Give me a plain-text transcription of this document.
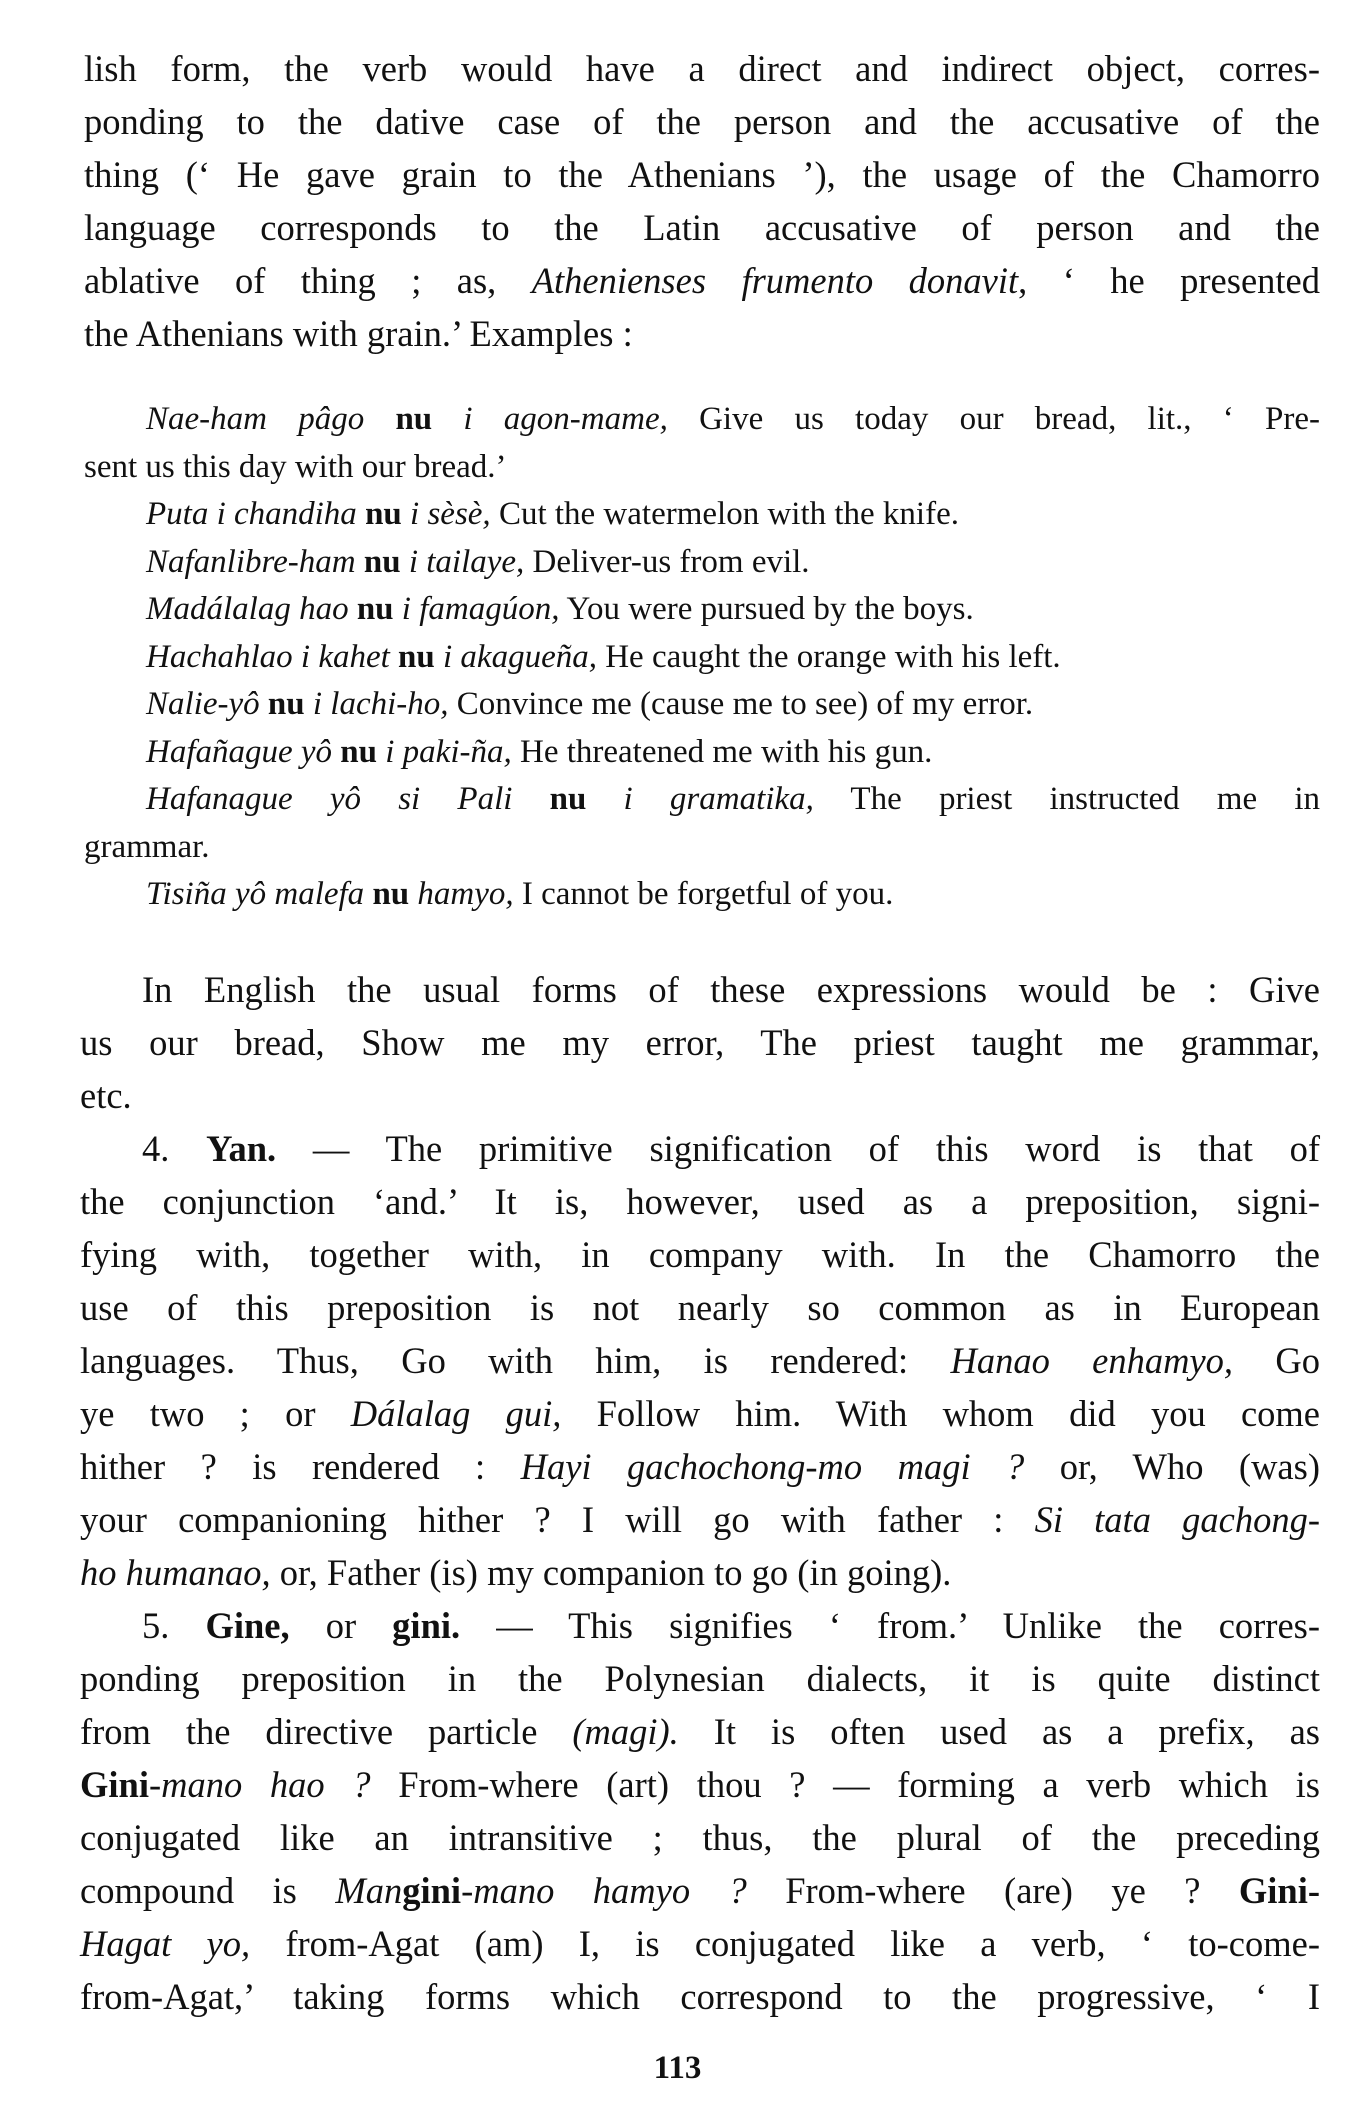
lish form, the verb would have a direct and indirect object, corres-
ponding to the dative case of the person and the accusative of the
thing (‘ He gave grain to the Athenians ’), the usage of the Chamorro
language corresponds to the Latin accusative of person and the
ablative of thing ; as, Athenienses frumento donavit, ‘ he presented
the Athenians with grain.’ Examples :
Nae-ham pâgo nu i agon-mame, Give us today our bread, lit., ‘ Pre-
sent us this day with our bread.’
Puta i chandiha nu i sèsè, Cut the watermelon with the knife.
Nafanlibre-ham nu i tailaye, Deliver-us from evil.
Madálalag hao nu i famagúon, You were pursued by the boys.
Hachahlao i kahet nu i akagueña, He caught the orange with his left.
Nalie-yô nu i lachi-ho, Convince me (cause me to see) of my error.
Hafañague yô nu i paki-ña, He threatened me with his gun.
Hafanague yô si Pali nu i gramatika, The priest instructed me in
grammar.
Tisiña yô malefa nu hamyo, I cannot be forgetful of you.
In English the usual forms of these expressions would be : Give
us our bread, Show me my error, The priest taught me grammar,
etc.
4. Yan. — The primitive signification of this word is that of
the conjunction ‘and.’ It is, however, used as a preposition, signi-
fying with, together with, in company with. In the Chamorro the
use of this preposition is not nearly so common as in European
languages. Thus, Go with him, is rendered: Hanao enhamyo, Go
ye two ; or Dálalag gui, Follow him. With whom did you come
hither ? is rendered : Hayi gachochong-mo magi ? or, Who (was)
your companioning hither ? I will go with father : Si tata gachong-
ho humanao, or, Father (is) my companion to go (in going).
5. Gine, or gini. — This signifies ‘ from.’ Unlike the corres-
ponding preposition in the Polynesian dialects, it is quite distinct
from the directive particle (magi). It is often used as a prefix, as
Gini-mano hao ? From-where (art) thou ? — forming a verb which is
conjugated like an intransitive ; thus, the plural of the preceding
compound is Mangini-mano hamyo ? From-where (are) ye ? Gini-
Hagat yo, from-Agat (am) I, is conjugated like a verb, ‘ to-come-
from-Agat,’ taking forms which correspond to the progressive, ‘ I
113
